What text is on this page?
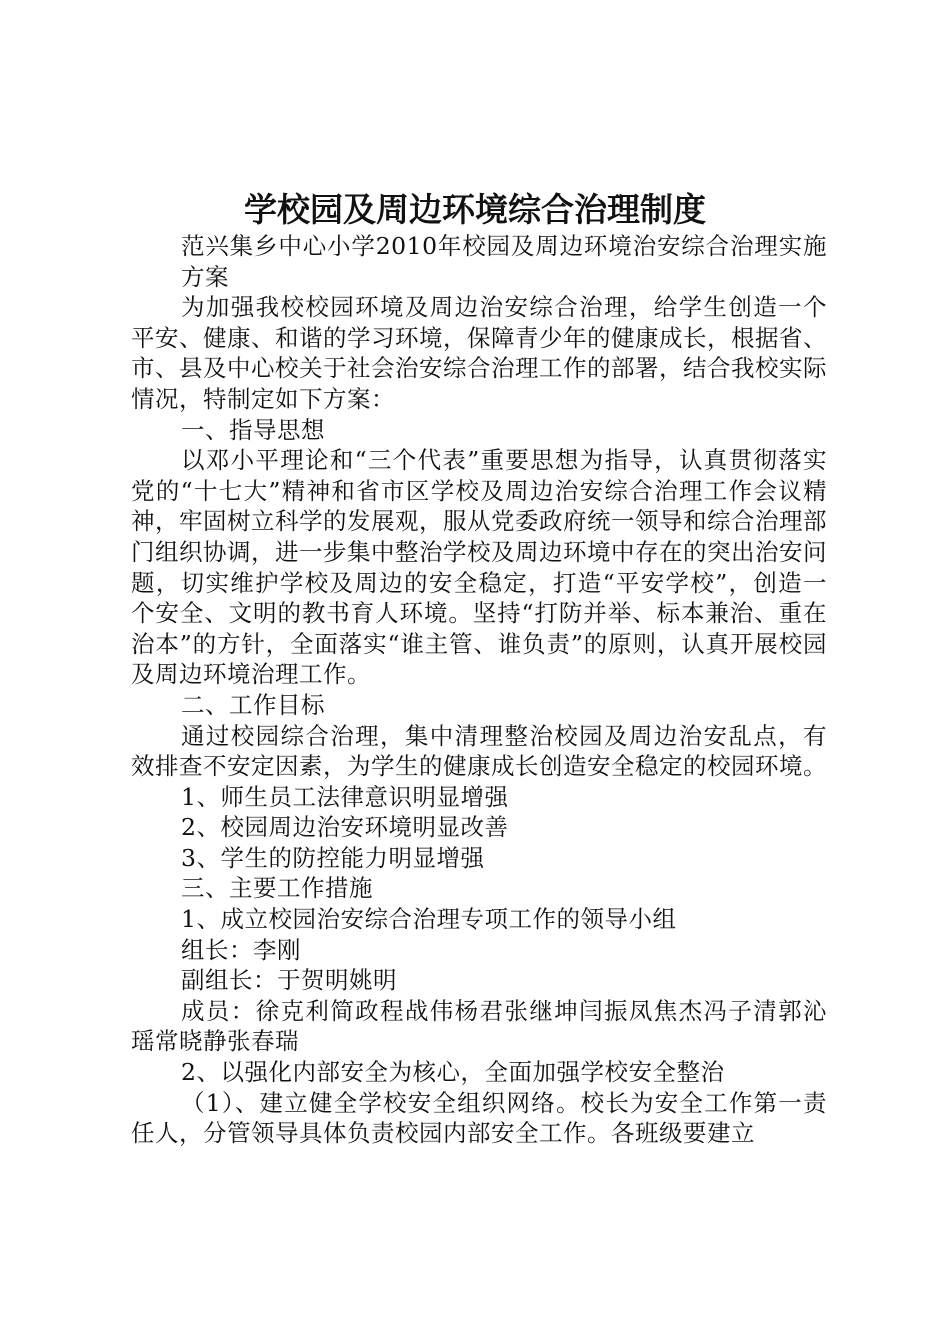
学校园及周边环境综合治理制度

范兴集乡中心小学2010年校园及周边环境治安综合治理实施方案

为加强我校校园环境及周边治安综合治理，给学生创造一个平安、健康、和谐的学习环境，保障青少年的健康成长，根据省、市、县及中心校关于社会治安综合治理工作的部署，结合我校实际情况，特制定如下方案：

一、指导思想

以邓小平理论和“三个代表”重要思想为指导，认真贯彻落实党的“十七大”精神和省市区学校及周边治安综合治理工作会议精神，牢固树立科学的发展观，服从党委政府统一领导和综合治理部门组织协调，进一步集中整治学校及周边环境中存在的突出治安问题，切实维护学校及周边的安全稳定，打造“平安学校”，创造一个安全、文明的教书育人环境。坚持“打防并举、标本兼治、重在治本”的方针，全面落实“谁主管、谁负责”的原则，认真开展校园及周边环境治理工作。

二、工作目标

通过校园综合治理，集中清理整治校园及周边治安乱点，有效排查不安定因素，为学生的健康成长创造安全稳定的校园环境。

1、师生员工法律意识明显增强

2、校园周边治安环境明显改善

3、学生的防控能力明显增强

三、主要工作措施

1、成立校园治安综合治理专项工作的领导小组

组长：李刚

副组长：于贺明姚明

成员：徐克利简政程战伟杨君张继坤闫振凤焦杰冯子清郭沁瑶常晓静张春瑞

2、以强化内部安全为核心，全面加强学校安全整治

（1）、建立健全学校安全组织网络。校长为安全工作第一责任人，分管领导具体负责校园内部安全工作。各班级要建立
